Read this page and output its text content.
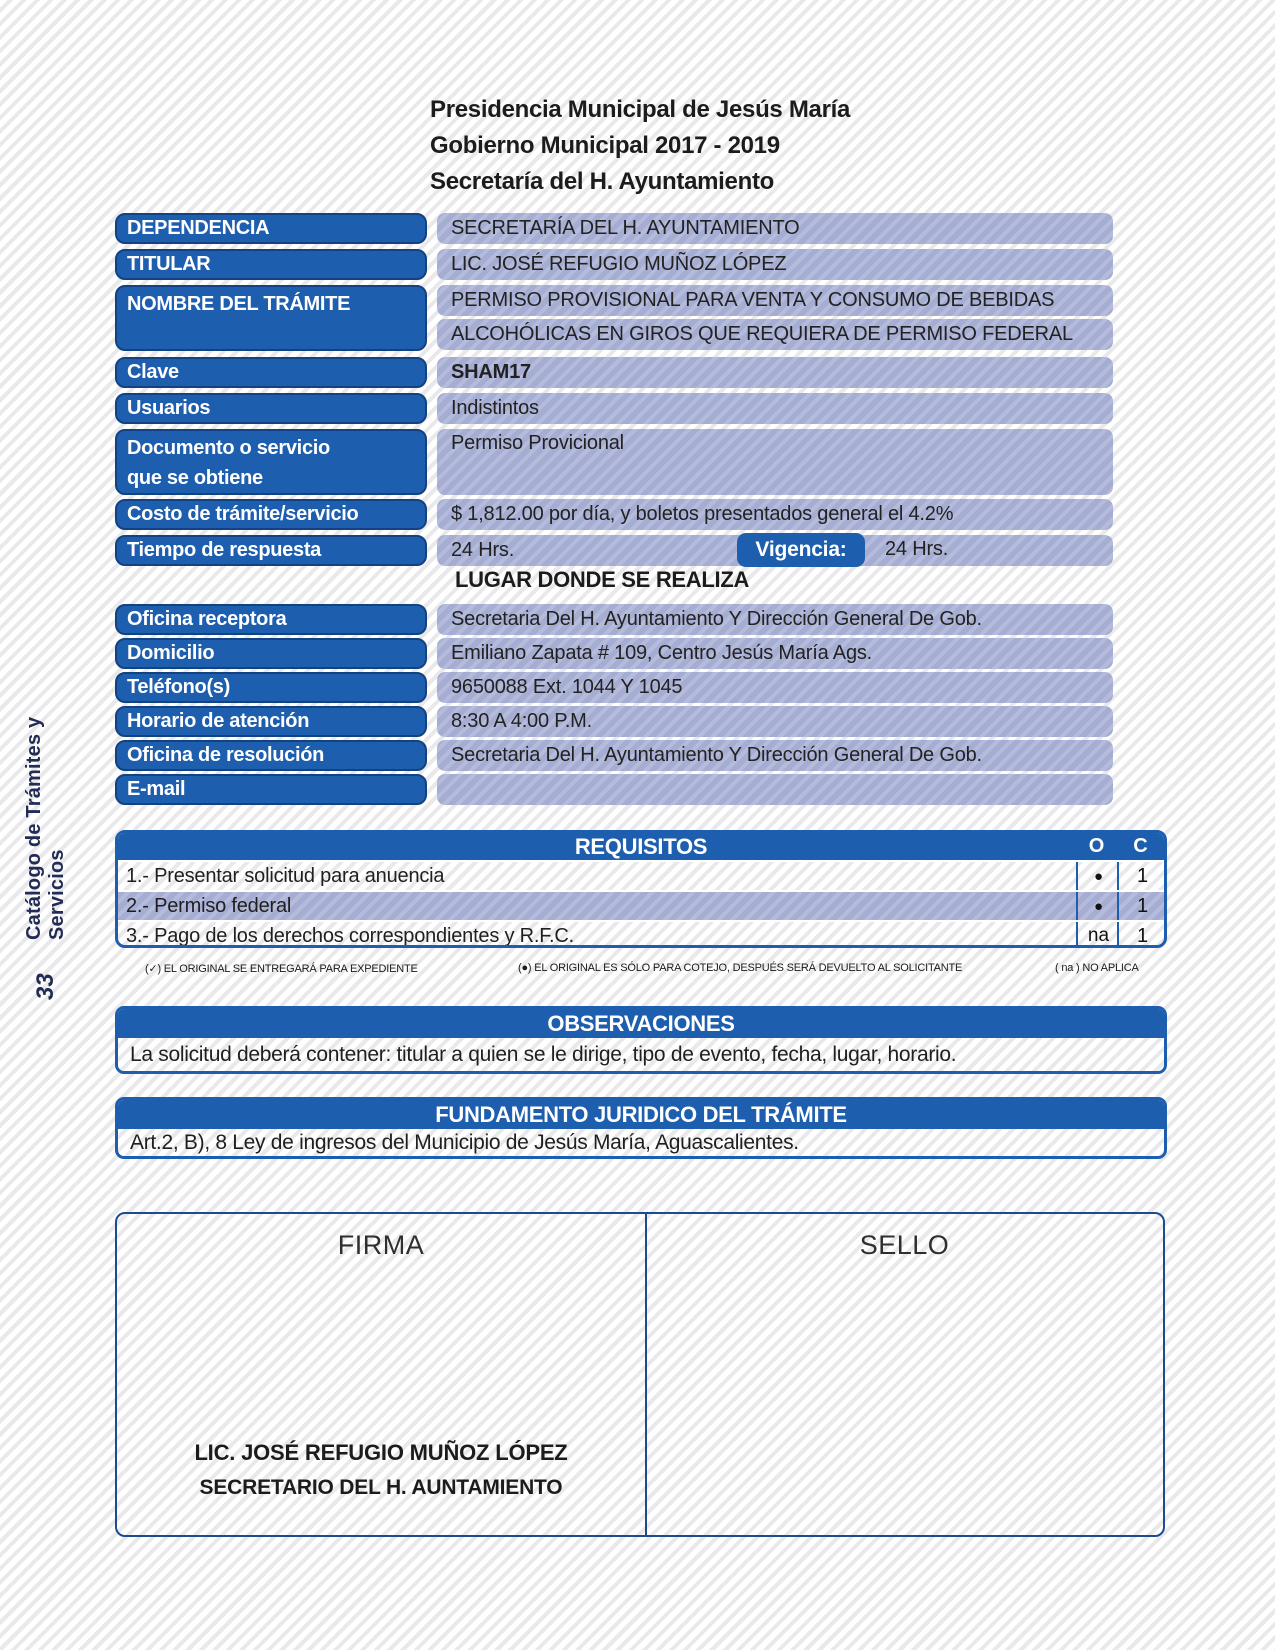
Catálogo de Trámites y Servicios
33
Presidencia Municipal de Jesús María
Gobierno Municipal 2017 - 2019
Secretaría del H. Ayuntamiento
DEPENDENCIA	SECRETARÍA DEL H. AYUNTAMIENTO
TITULAR	LIC. JOSÉ REFUGIO MUÑOZ LÓPEZ
NOMBRE DEL TRÁMITE	PERMISO PROVISIONAL PARA VENTA Y CONSUMO DE BEBIDAS
ALCOHÓLICAS EN GIROS QUE REQUIERA DE PERMISO FEDERAL
Clave	SHAM17
Usuarios	Indistintos
Documento o servicio
que se obtiene
Permiso Provicional
Costo de trámite/servicio	$ 1,812.00 por día, y boletos presentados general el 4.2%
Tiempo de respuesta	24 Hrs.	Vigencia:	24 Hrs.
LUGAR DONDE SE REALIZA
Oficina receptora	Secretaria Del H. Ayuntamiento Y Dirección General De Gob.
Domicilio	Emiliano Zapata # 109, Centro Jesús María Ags.
Teléfono(s)	9650088 Ext. 1044 Y 1045
Horario de atención	8:30 A 4:00 P.M.
Oficina de resolución	Secretaria Del H. Ayuntamiento Y Dirección General De Gob.
E-mail
REQUISITOS	O	C
1.- Presentar solicitud para anuencia	●	1
2.- Permiso federal	●	1
3.- Pago de los derechos correspondientes y R.F.C.	na	1
(✓) EL ORIGINAL SE ENTREGARÁ PARA EXPEDIENTE	(●) EL ORIGINAL ES SÓLO PARA COTEJO, DESPUÉS SERÁ DEVUELTO AL SOLICITANTE	( na ) NO APLICA
OBSERVACIONES
La solicitud deberá contener: titular a quien se le dirige, tipo de evento, fecha, lugar, horario.
FUNDAMENTO JURIDICO DEL TRÁMITE
Art.2, B), 8 Ley de ingresos del Municipio de Jesús María, Aguascalientes.
FIRMA	SELLO
LIC. JOSÉ REFUGIO MUÑOZ LÓPEZ
SECRETARIO DEL H. AUNTAMIENTO
